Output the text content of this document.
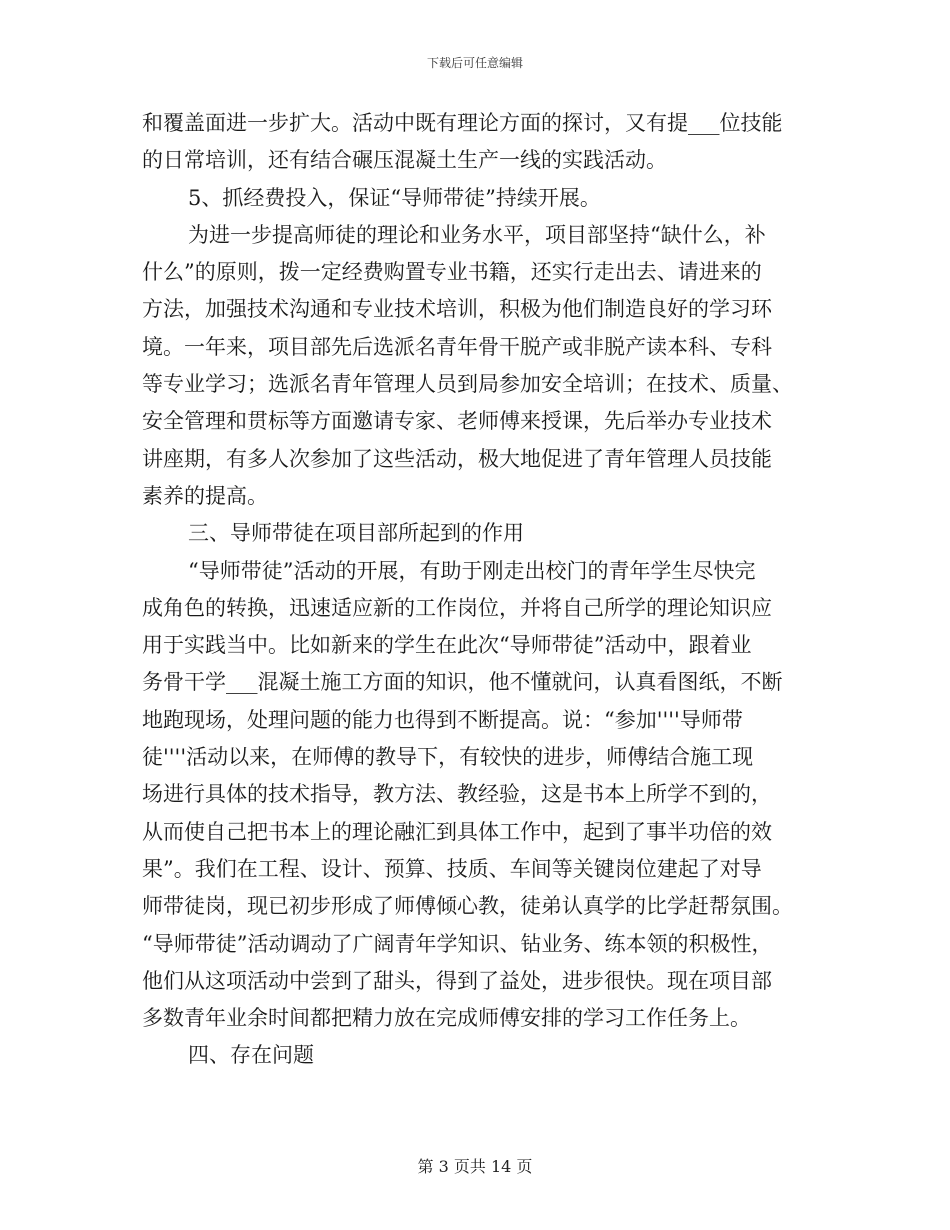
下载后可任意编辑
和覆盖面进一步扩大。活动中既有理论方面的探讨，又有提___位技能
的日常培训，还有结合碾压混凝土生产一线的实践活动。
5、抓经费投入，保证“导师带徒”持续开展。
为进一步提高师徒的理论和业务水平，项目部坚持“缺什么，补
什么”的原则，拨一定经费购置专业书籍，还实行走出去、请进来的
方法，加强技术沟通和专业技术培训，积极为他们制造良好的学习环
境。一年来，项目部先后选派名青年骨干脱产或非脱产读本科、专科
等专业学习；选派名青年管理人员到局参加安全培训；在技术、质量、
安全管理和贯标等方面邀请专家、老师傅来授课，先后举办专业技术
讲座期，有多人次参加了这些活动，极大地促进了青年管理人员技能
素养的提高。
三、导师带徒在项目部所起到的作用
“导师带徒”活动的开展，有助于刚走出校门的青年学生尽快完
成角色的转换，迅速适应新的工作岗位，并将自己所学的理论知识应
用于实践当中。比如新来的学生在此次“导师带徒”活动中，跟着业
务骨干学___混凝土施工方面的知识，他不懂就问，认真看图纸，不断
地跑现场，处理问题的能力也得到不断提高。说：“参加''''导师带
徒''''活动以来，在师傅的教导下，有较快的进步，师傅结合施工现
场进行具体的技术指导，教方法、教经验，这是书本上所学不到的，
从而使自己把书本上的理论融汇到具体工作中，起到了事半功倍的效
果”。我们在工程、设计、预算、技质、车间等关键岗位建起了对导
师带徒岗，现已初步形成了师傅倾心教，徒弟认真学的比学赶帮氛围。
“导师带徒”活动调动了广阔青年学知识、钻业务、练本领的积极性，
他们从这项活动中尝到了甜头，得到了益处，进步很快。现在项目部
多数青年业余时间都把精力放在完成师傅安排的学习工作任务上。
四、存在问题
第 3 页共 14 页
